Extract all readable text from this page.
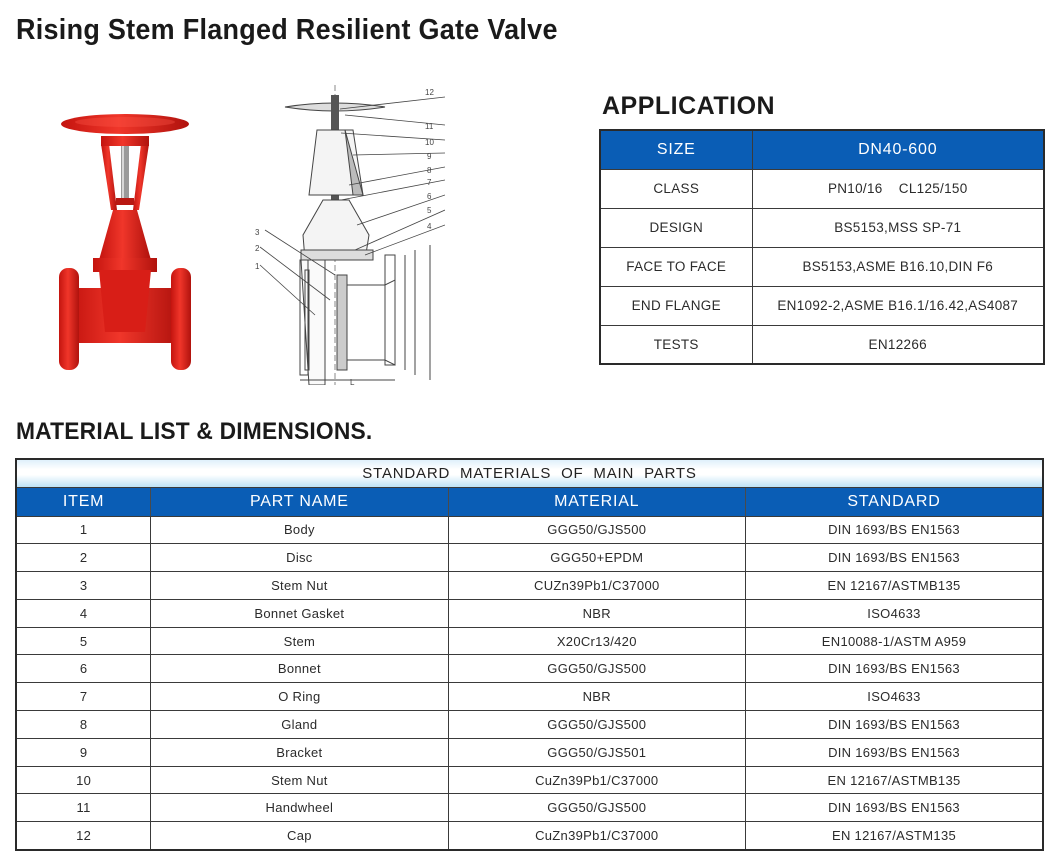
Rising Stem Flanged Resilient Gate Valve
12
11
10
9
8
7
6
5
4
3
2
1
L
APPLICATION
SIZE	DN40-600
CLASS	PN10/16    CL125/150
DESIGN	BS5153,MSS SP-71
FACE TO FACE	BS5153,ASME B16.10,DIN F6
END FLANGE	EN1092-2,ASME B16.1/16.42,AS4087
TESTS	EN12266
MATERIAL LIST & DIMENSIONS.
STANDARD  MATERIALS  OF  MAIN  PARTS			
ITEM	PART NAME	MATERIAL	STANDARD
1	Body	GGG50/GJS500	DIN 1693/BS EN1563
2	Disc	GGG50+EPDM	DIN 1693/BS EN1563
3	Stem Nut	CUZn39Pb1/C37000	EN 12167/ASTMB135
4	Bonnet Gasket	NBR	ISO4633
5	Stem	X20Cr13/420	EN10088-1/ASTM A959
6	Bonnet	GGG50/GJS500	DIN 1693/BS EN1563
7	O Ring	NBR	ISO4633
8	Gland	GGG50/GJS500	DIN 1693/BS EN1563
9	Bracket	GGG50/GJS501	DIN 1693/BS EN1563
10	Stem Nut	CuZn39Pb1/C37000	EN 12167/ASTMB135
11	Handwheel	GGG50/GJS500	DIN 1693/BS EN1563
12	Cap	CuZn39Pb1/C37000	EN 12167/ASTM135
